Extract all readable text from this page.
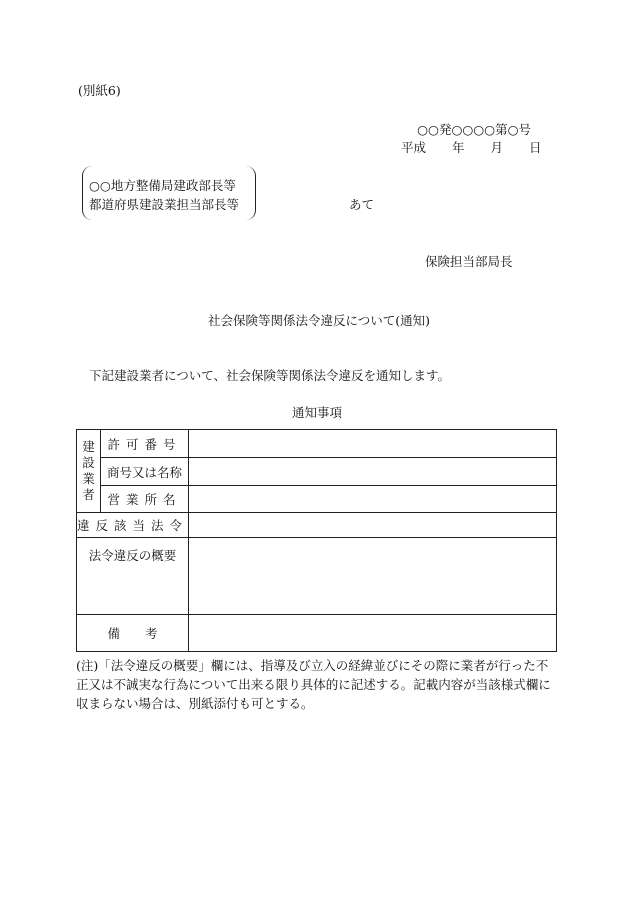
(別紙6)
○○発○○○○第○号
平成 年 月 日
○○地方整備局建政部長等
都道府県建設業担当部長等	あて
保険担当部局長
社会保険等関係法令違反について(通知)
下記建設業者について、社会保険等関係法令違反を通知します。
通知事項
建設業者	許可番号	
	商号又は名称	
	営業所名	
違反該当法令		
法令違反の概要		
備　　考		
(注)「法令違反の概要」欄には、指導及び立入の経緯並びにその際に業者が行った不正又は不誠実な行為について出来る限り具体的に記述する。記載内容が当該様式欄に収まらない場合は、別紙添付も可とする。
